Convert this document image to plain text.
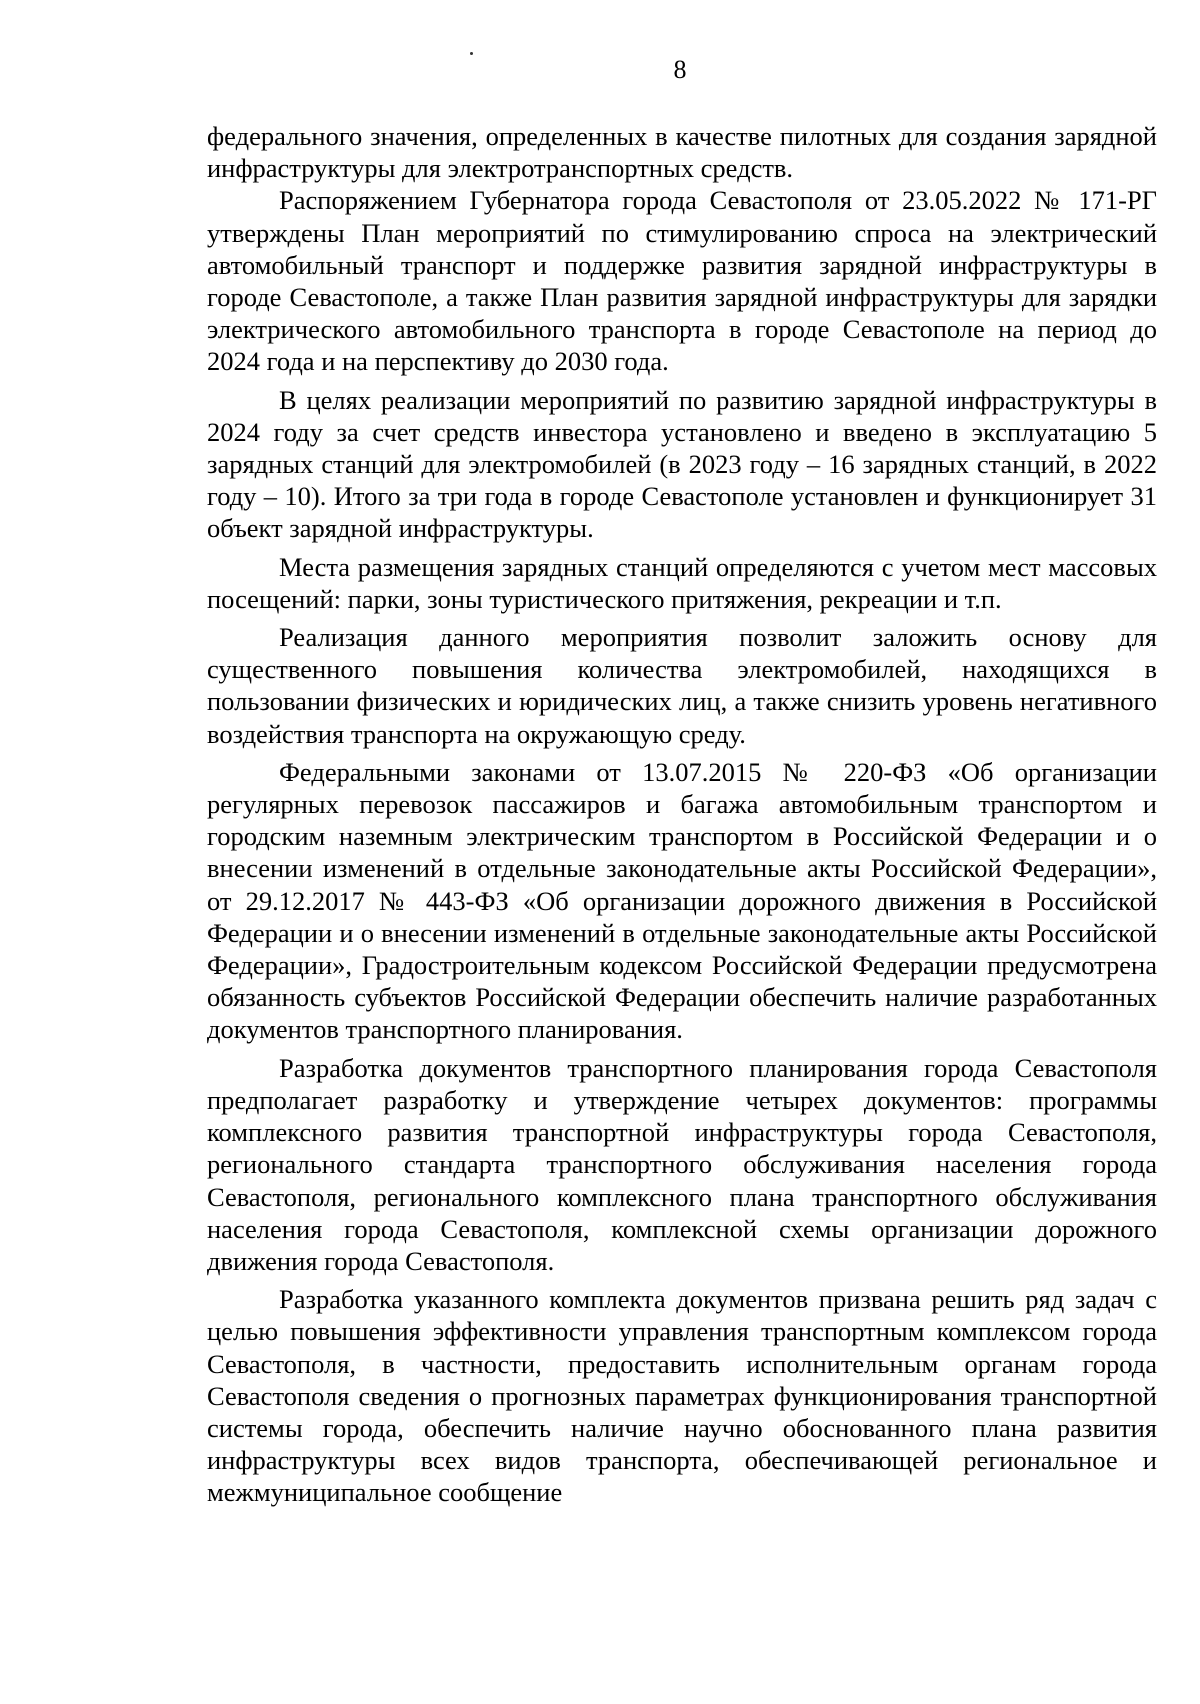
8

федерального значения, определенных в качестве пилотных для создания зарядной инфраструктуры для электротранспортных средств.

Распоряжением Губернатора города Севастополя от 23.05.2022 № 171-РГ утверждены План мероприятий по стимулированию спроса на электрический автомобильный транспорт и поддержке развития зарядной инфраструктуры в городе Севастополе, а также План развития зарядной инфраструктуры для зарядки электрического автомобильного транспорта в городе Севастополе на период до 2024 года и на перспективу до 2030 года.

В целях реализации мероприятий по развитию зарядной инфраструктуры в 2024 году за счет средств инвестора установлено и введено в эксплуатацию 5 зарядных станций для электромобилей (в 2023 году – 16 зарядных станций, в 2022 году – 10). Итого за три года в городе Севастополе установлен и функционирует 31 объект зарядной инфраструктуры.

Места размещения зарядных станций определяются с учетом мест массовых посещений: парки, зоны туристического притяжения, рекреации и т.п.

Реализация данного мероприятия позволит заложить основу для существенного повышения количества электромобилей, находящихся в пользовании физических и юридических лиц, а также снизить уровень негативного воздействия транспорта на окружающую среду.

Федеральными законами от 13.07.2015 № 220-ФЗ «Об организации регулярных перевозок пассажиров и багажа автомобильным транспортом и городским наземным электрическим транспортом в Российской Федерации и о внесении изменений в отдельные законодательные акты Российской Федерации», от 29.12.2017 № 443-ФЗ «Об организации дорожного движения в Российской Федерации и о внесении изменений в отдельные законодательные акты Российской Федерации», Градостроительным кодексом Российской Федерации предусмотрена обязанность субъектов Российской Федерации обеспечить наличие разработанных документов транспортного планирования.

Разработка документов транспортного планирования города Севастополя предполагает разработку и утверждение четырех документов: программы комплексного развития транспортной инфраструктуры города Севастополя, регионального стандарта транспортного обслуживания населения города Севастополя, регионального комплексного плана транспортного обслуживания населения города Севастополя, комплексной схемы организации дорожного движения города Севастополя.

Разработка указанного комплекта документов призвана решить ряд задач с целью повышения эффективности управления транспортным комплексом города Севастополя, в частности, предоставить исполнительным органам города Севастополя сведения о прогнозных параметрах функционирования транспортной системы города, обеспечить наличие научно обоснованного плана развития инфраструктуры всех видов транспорта, обеспечивающей региональное и межмуниципальное сообщение
